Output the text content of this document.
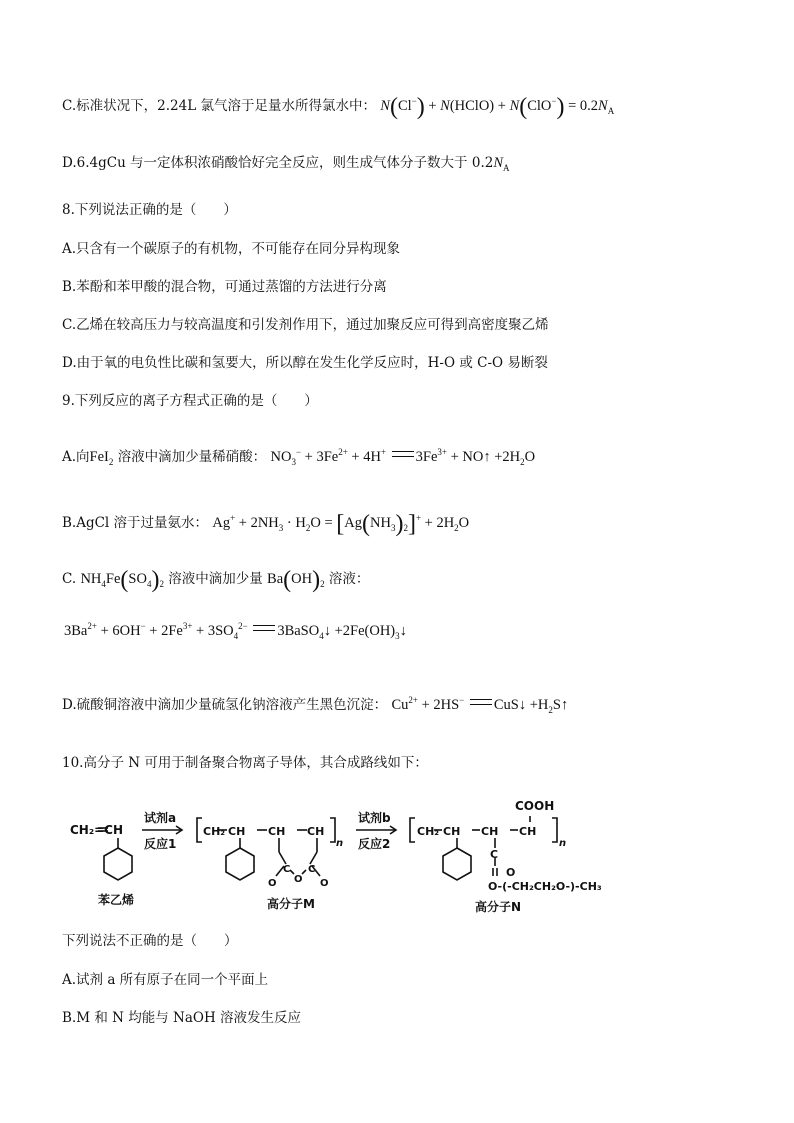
C.标准状况下，2.24L 氯气溶于足量水所得氯水中： N(Cl−) + N(HClO) + $N(ClO^-) = 0.2N_A$
D.6.4gCu 与一定体积浓硝酸恰好完全反应，则生成气体分子数大于 $0.2N_A$
8.下列说法正确的是（　　）
A.只含有一个碳原子的有机物，不可能存在同分异构现象
B.苯酚和苯甲酸的混合物，可通过蒸馏的方法进行分离
C.乙烯在较高压力与较高温度和引发剂作用下，通过加聚反应可得到高密度聚乙烯
D.由于氧的电负性比碳和氢要大，所以醇在发生化学反应时，H-O 或 C-O 易断裂
9.下列反应的离子方程式正确的是（　　）
A.向FeI$_2$ 溶液中滴加少量稀硝酸： $NO_3^- + 3Fe^{2+} + 4H^+$ $3Fe^{3+}$ + NO↑ $+2H_2O$
B.AgCl 溶于过量氨水： $Ag^+ + 2NH_3 \cdot H_2O = [Ag(NH_3)_2]^+ + 2H_2O$
C. $NH_4Fe(SO_4)_2$ 溶液中滴加少量 $Ba(OH)_2$ 溶液：
$3Ba^{2+} + 6OH^- + 2Fe^{3+} + 3SO_4^{2-}$ 3BaSO$_4$↓ $+2Fe(OH)_3↓$
D.硫酸铜溶液中滴加少量硫氢化钠溶液产生黑色沉淀： $Cu^{2+} + 2HS^-$ CuS↓ $+H_2S↑$
10.高分子 N 可用于制备聚合物离子导体，其合成路线如下：
CH₂=CH
苯乙烯
试剂a
反应1
CH₂ CH CH CH
n
C C
O
O	O
高分子M
试剂b
反应2
COOH
CH₂ CH CH CH
n
C
O
O-(-CH₂CH₂O-)-CH₃
高分子N
下列说法不正确的是（　　）
A.试剂 a 所有原子在同一个平面上
B.M 和 N 均能与 NaOH 溶液发生反应
